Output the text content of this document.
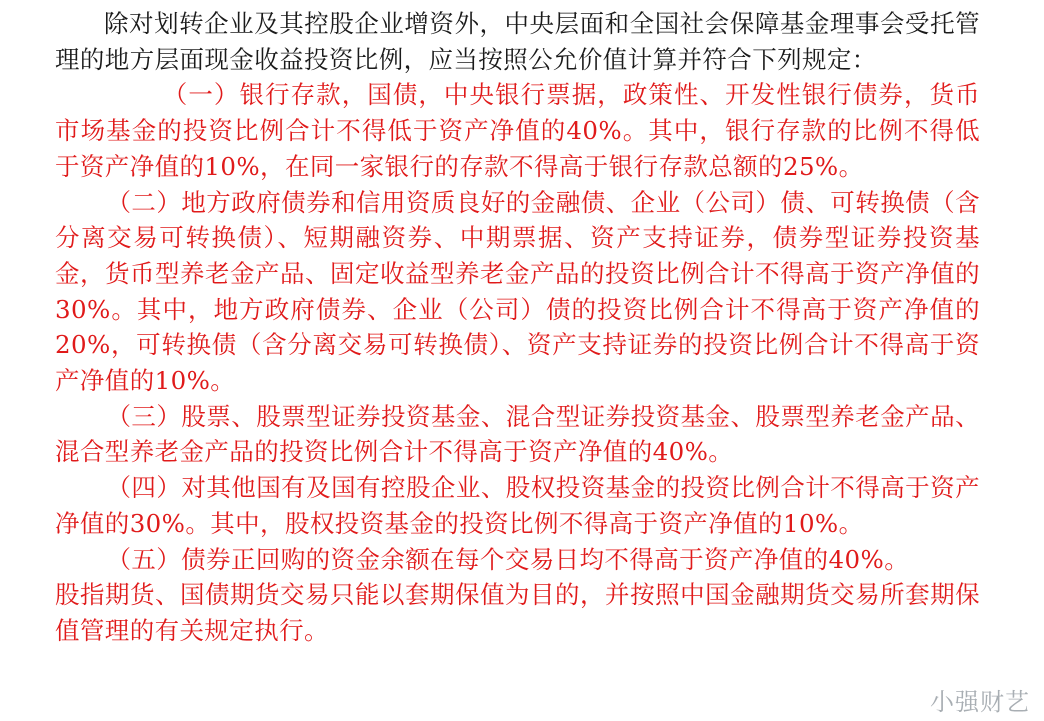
除对划转企业及其控股企业增资外，中央层面和全国社会保障基金理事会受托管理的地方层面现金收益投资比例，应当按照公允价值计算并符合下列规定：

（一）银行存款，国债，中央银行票据，政策性、开发性银行债券，货币市场基金的投资比例合计不得低于资产净值的40%。其中，银行存款的比例不得低于资产净值的10%，在同一家银行的存款不得高于银行存款总额的25%。

（二）地方政府债券和信用资质良好的金融债、企业（公司）债、可转换债（含分离交易可转换债）、短期融资券、中期票据、资产支持证券，债券型证券投资基金，货币型养老金产品、固定收益型养老金产品的投资比例合计不得高于资产净值的30%。其中，地方政府债券、企业（公司）债的投资比例合计不得高于资产净值的20%，可转换债（含分离交易可转换债）、资产支持证券的投资比例合计不得高于资产净值的10%。

（三）股票、股票型证券投资基金、混合型证券投资基金、股票型养老金产品、混合型养老金产品的投资比例合计不得高于资产净值的40%。

（四）对其他国有及国有控股企业、股权投资基金的投资比例合计不得高于资产净值的30%。其中，股权投资基金的投资比例不得高于资产净值的10%。

（五）债券正回购的资金余额在每个交易日均不得高于资产净值的40%。

股指期货、国债期货交易只能以套期保值为目的，并按照中国金融期货交易所套期保值管理的有关规定执行。

小强财艺
